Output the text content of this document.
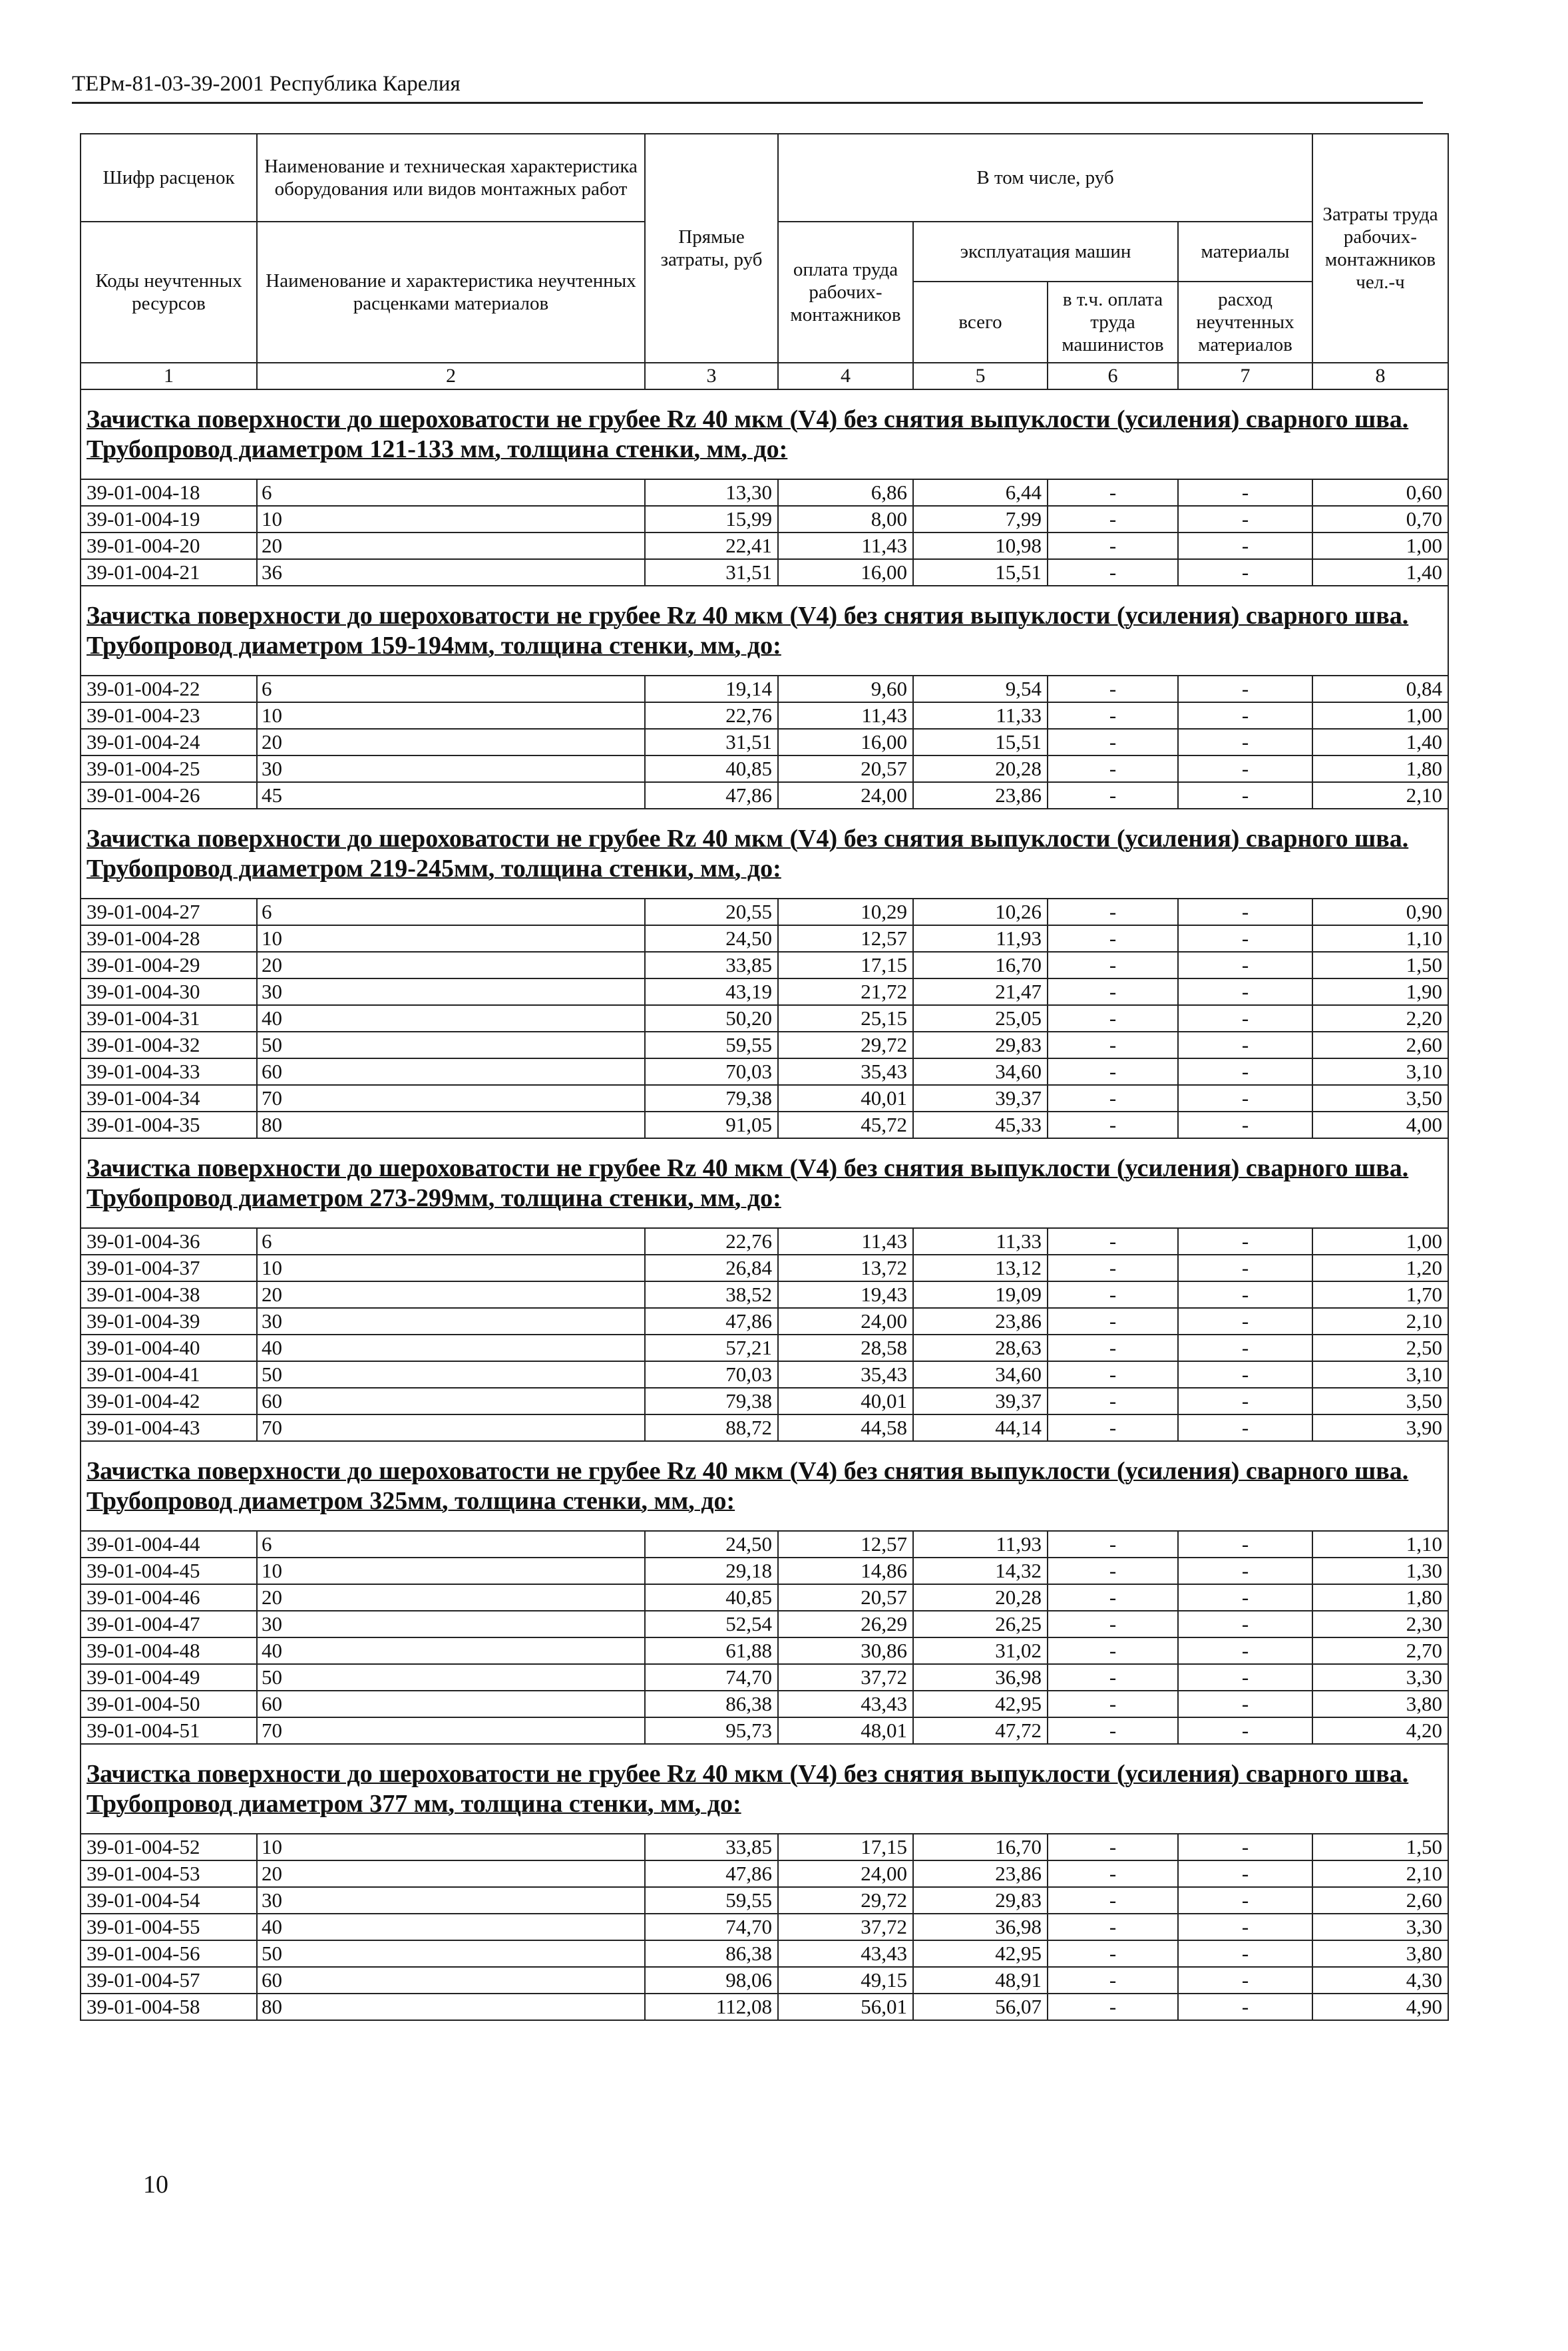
ТЕРм-81-03-39-2001 Республика Карелия
Шифр расценок	Наименование и техническая характеристика оборудования или видов монтажных работ	Прямые затраты, руб	В том числе, руб				Затраты труда рабочих-монтажников чел.-ч
Коды неучтенных ресурсов	Наименование и характеристика неучтенных расценками материалов		оплата труда рабочих-монтажников	эксплуатация машин		материалы	
				всего	в т.ч. оплата труда машинистов	расход неучтенных материалов	
1	2	3	4	5	6	7	8
Зачистка поверхности до шероховатости не грубее Rz 40 мкм (V4) без снятия выпуклости (усиления) сварного шва. Трубопровод диаметром 121-133 мм, толщина стенки, мм, до:							
39-01-004-18	6	13,30	6,86	6,44	-	-	0,60
39-01-004-19	10	15,99	8,00	7,99	-	-	0,70
39-01-004-20	20	22,41	11,43	10,98	-	-	1,00
39-01-004-21	36	31,51	16,00	15,51	-	-	1,40
Зачистка поверхности до шероховатости не грубее Rz 40 мкм (V4) без снятия выпуклости (усиления) сварного шва. Трубопровод диаметром 159-194мм, толщина стенки, мм, до:							
39-01-004-22	6	19,14	9,60	9,54	-	-	0,84
39-01-004-23	10	22,76	11,43	11,33	-	-	1,00
39-01-004-24	20	31,51	16,00	15,51	-	-	1,40
39-01-004-25	30	40,85	20,57	20,28	-	-	1,80
39-01-004-26	45	47,86	24,00	23,86	-	-	2,10
Зачистка поверхности до шероховатости не грубее Rz 40 мкм (V4) без снятия выпуклости (усиления) сварного шва. Трубопровод диаметром 219-245мм, толщина стенки, мм, до:							
39-01-004-27	6	20,55	10,29	10,26	-	-	0,90
39-01-004-28	10	24,50	12,57	11,93	-	-	1,10
39-01-004-29	20	33,85	17,15	16,70	-	-	1,50
39-01-004-30	30	43,19	21,72	21,47	-	-	1,90
39-01-004-31	40	50,20	25,15	25,05	-	-	2,20
39-01-004-32	50	59,55	29,72	29,83	-	-	2,60
39-01-004-33	60	70,03	35,43	34,60	-	-	3,10
39-01-004-34	70	79,38	40,01	39,37	-	-	3,50
39-01-004-35	80	91,05	45,72	45,33	-	-	4,00
Зачистка поверхности до шероховатости не грубее Rz 40 мкм (V4) без снятия выпуклости (усиления) сварного шва. Трубопровод диаметром 273-299мм, толщина стенки, мм, до:							
39-01-004-36	6	22,76	11,43	11,33	-	-	1,00
39-01-004-37	10	26,84	13,72	13,12	-	-	1,20
39-01-004-38	20	38,52	19,43	19,09	-	-	1,70
39-01-004-39	30	47,86	24,00	23,86	-	-	2,10
39-01-004-40	40	57,21	28,58	28,63	-	-	2,50
39-01-004-41	50	70,03	35,43	34,60	-	-	3,10
39-01-004-42	60	79,38	40,01	39,37	-	-	3,50
39-01-004-43	70	88,72	44,58	44,14	-	-	3,90
Зачистка поверхности до шероховатости не грубее Rz 40 мкм (V4) без снятия выпуклости (усиления) сварного шва. Трубопровод диаметром 325мм, толщина стенки, мм, до:							
39-01-004-44	6	24,50	12,57	11,93	-	-	1,10
39-01-004-45	10	29,18	14,86	14,32	-	-	1,30
39-01-004-46	20	40,85	20,57	20,28	-	-	1,80
39-01-004-47	30	52,54	26,29	26,25	-	-	2,30
39-01-004-48	40	61,88	30,86	31,02	-	-	2,70
39-01-004-49	50	74,70	37,72	36,98	-	-	3,30
39-01-004-50	60	86,38	43,43	42,95	-	-	3,80
39-01-004-51	70	95,73	48,01	47,72	-	-	4,20
Зачистка поверхности до шероховатости не грубее Rz 40 мкм (V4) без снятия выпуклости (усиления) сварного шва. Трубопровод диаметром 377 мм, толщина стенки, мм, до:							
39-01-004-52	10	33,85	17,15	16,70	-	-	1,50
39-01-004-53	20	47,86	24,00	23,86	-	-	2,10
39-01-004-54	30	59,55	29,72	29,83	-	-	2,60
39-01-004-55	40	74,70	37,72	36,98	-	-	3,30
39-01-004-56	50	86,38	43,43	42,95	-	-	3,80
39-01-004-57	60	98,06	49,15	48,91	-	-	4,30
39-01-004-58	80	112,08	56,01	56,07	-	-	4,90
10
